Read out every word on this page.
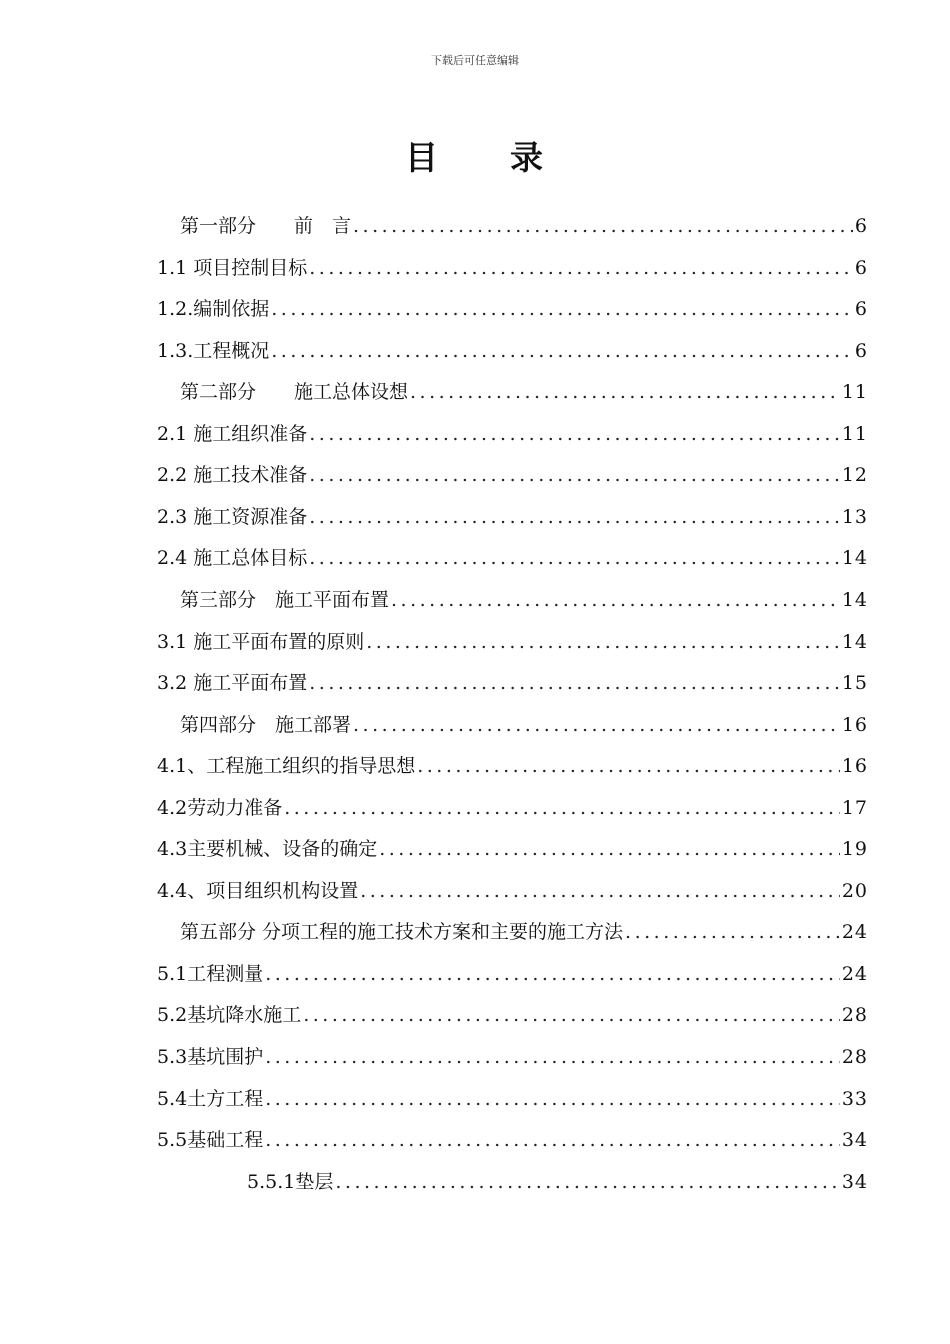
下载后可任意编辑
目　　录
第一部分　　前　言 .....	6
1.1 项目控制目标 .....	6
1.2.编制依据 .....	6
1.3.工程概况 .....	6
第二部分　　施工总体设想 .....	11
2.1 施工组织准备 .....	11
2.2 施工技术准备 .....	12
2.3 施工资源准备 .....	13
2.4 施工总体目标 .....	14
第三部分　施工平面布置 .....	14
3.1 施工平面布置的原则 .....	14
3.2 施工平面布置 .....	15
第四部分　施工部署 .....	16
4.1、工程施工组织的指导思想 .....	16
4.2劳动力准备 .....	17
4.3主要机械、设备的确定 .....	19
4.4、项目组织机构设置 .....	20
第五部分 分项工程的施工技术方案和主要的施工方法 .....	24
5.1工程测量 .....	24
5.2基坑降水施工 .....	28
5.3基坑围护 .....	28
5.4土方工程 .....	33
5.5基础工程 .....	34
5.5.1垫层 .....	34
